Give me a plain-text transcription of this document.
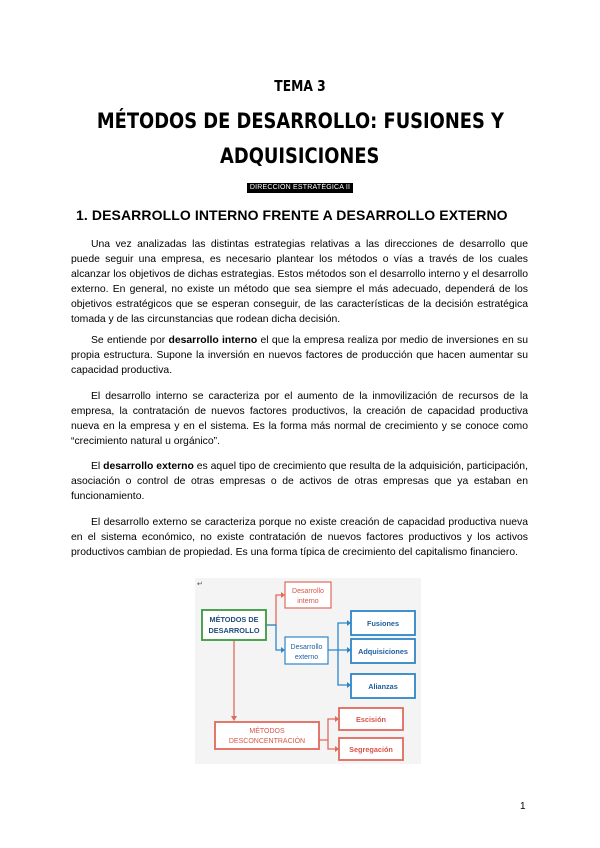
TEMA 3
MÉTODOS DE DESARROLLO: FUSIONES Y
ADQUISICIONES
DIRECCIÓN ESTRATÉGICA II
1. DESARROLLO INTERNO FRENTE A DESARROLLO EXTERNO

Una vez analizadas las distintas estrategias relativas a las direcciones de desarrollo que puede seguir una empresa, es necesario plantear los métodos o vías a través de los cuales alcanzar los objetivos de dichas estrategias. Estos métodos son el desarrollo interno y el desarrollo externo. En general, no existe un método que sea siempre el más adecuado, dependerá de los objetivos estratégicos que se esperan conseguir, de las características de la decisión estratégica tomada y de las circunstancias que rodean dicha decisión.

Se entiende por desarrollo interno el que la empresa realiza por medio de inversiones en su propia estructura. Supone la inversión en nuevos factores de producción que hacen aumentar su capacidad productiva.

El desarrollo interno se caracteriza por el aumento de la inmovilización de recursos de la empresa, la contratación de nuevos factores productivos, la creación de capacidad productiva nueva en la empresa y en el sistema. Es la forma más normal de crecimiento y se conoce como “crecimiento natural u orgánico”.

El desarrollo externo es aquel tipo de crecimiento que resulta de la adquisición, participación, asociación o control de otras empresas o de activos de otras empresas que ya estaban en funcionamiento.

El desarrollo externo se caracteriza porque no existe creación de capacidad productiva nueva en el sistema económico, no existe contratación de nuevos factores productivos y los activos productivos cambian de propiedad. Es una forma típica de crecimiento del capitalismo financiero.

↵
MÉTODOS DE
DESARROLLO
Desarrollo
interno
Desarrollo
externo
Fusiones
Adquisiciones
Alianzas
MÉTODOS
DESCONCENTRACIÓN
Escisión
Segregación
1
